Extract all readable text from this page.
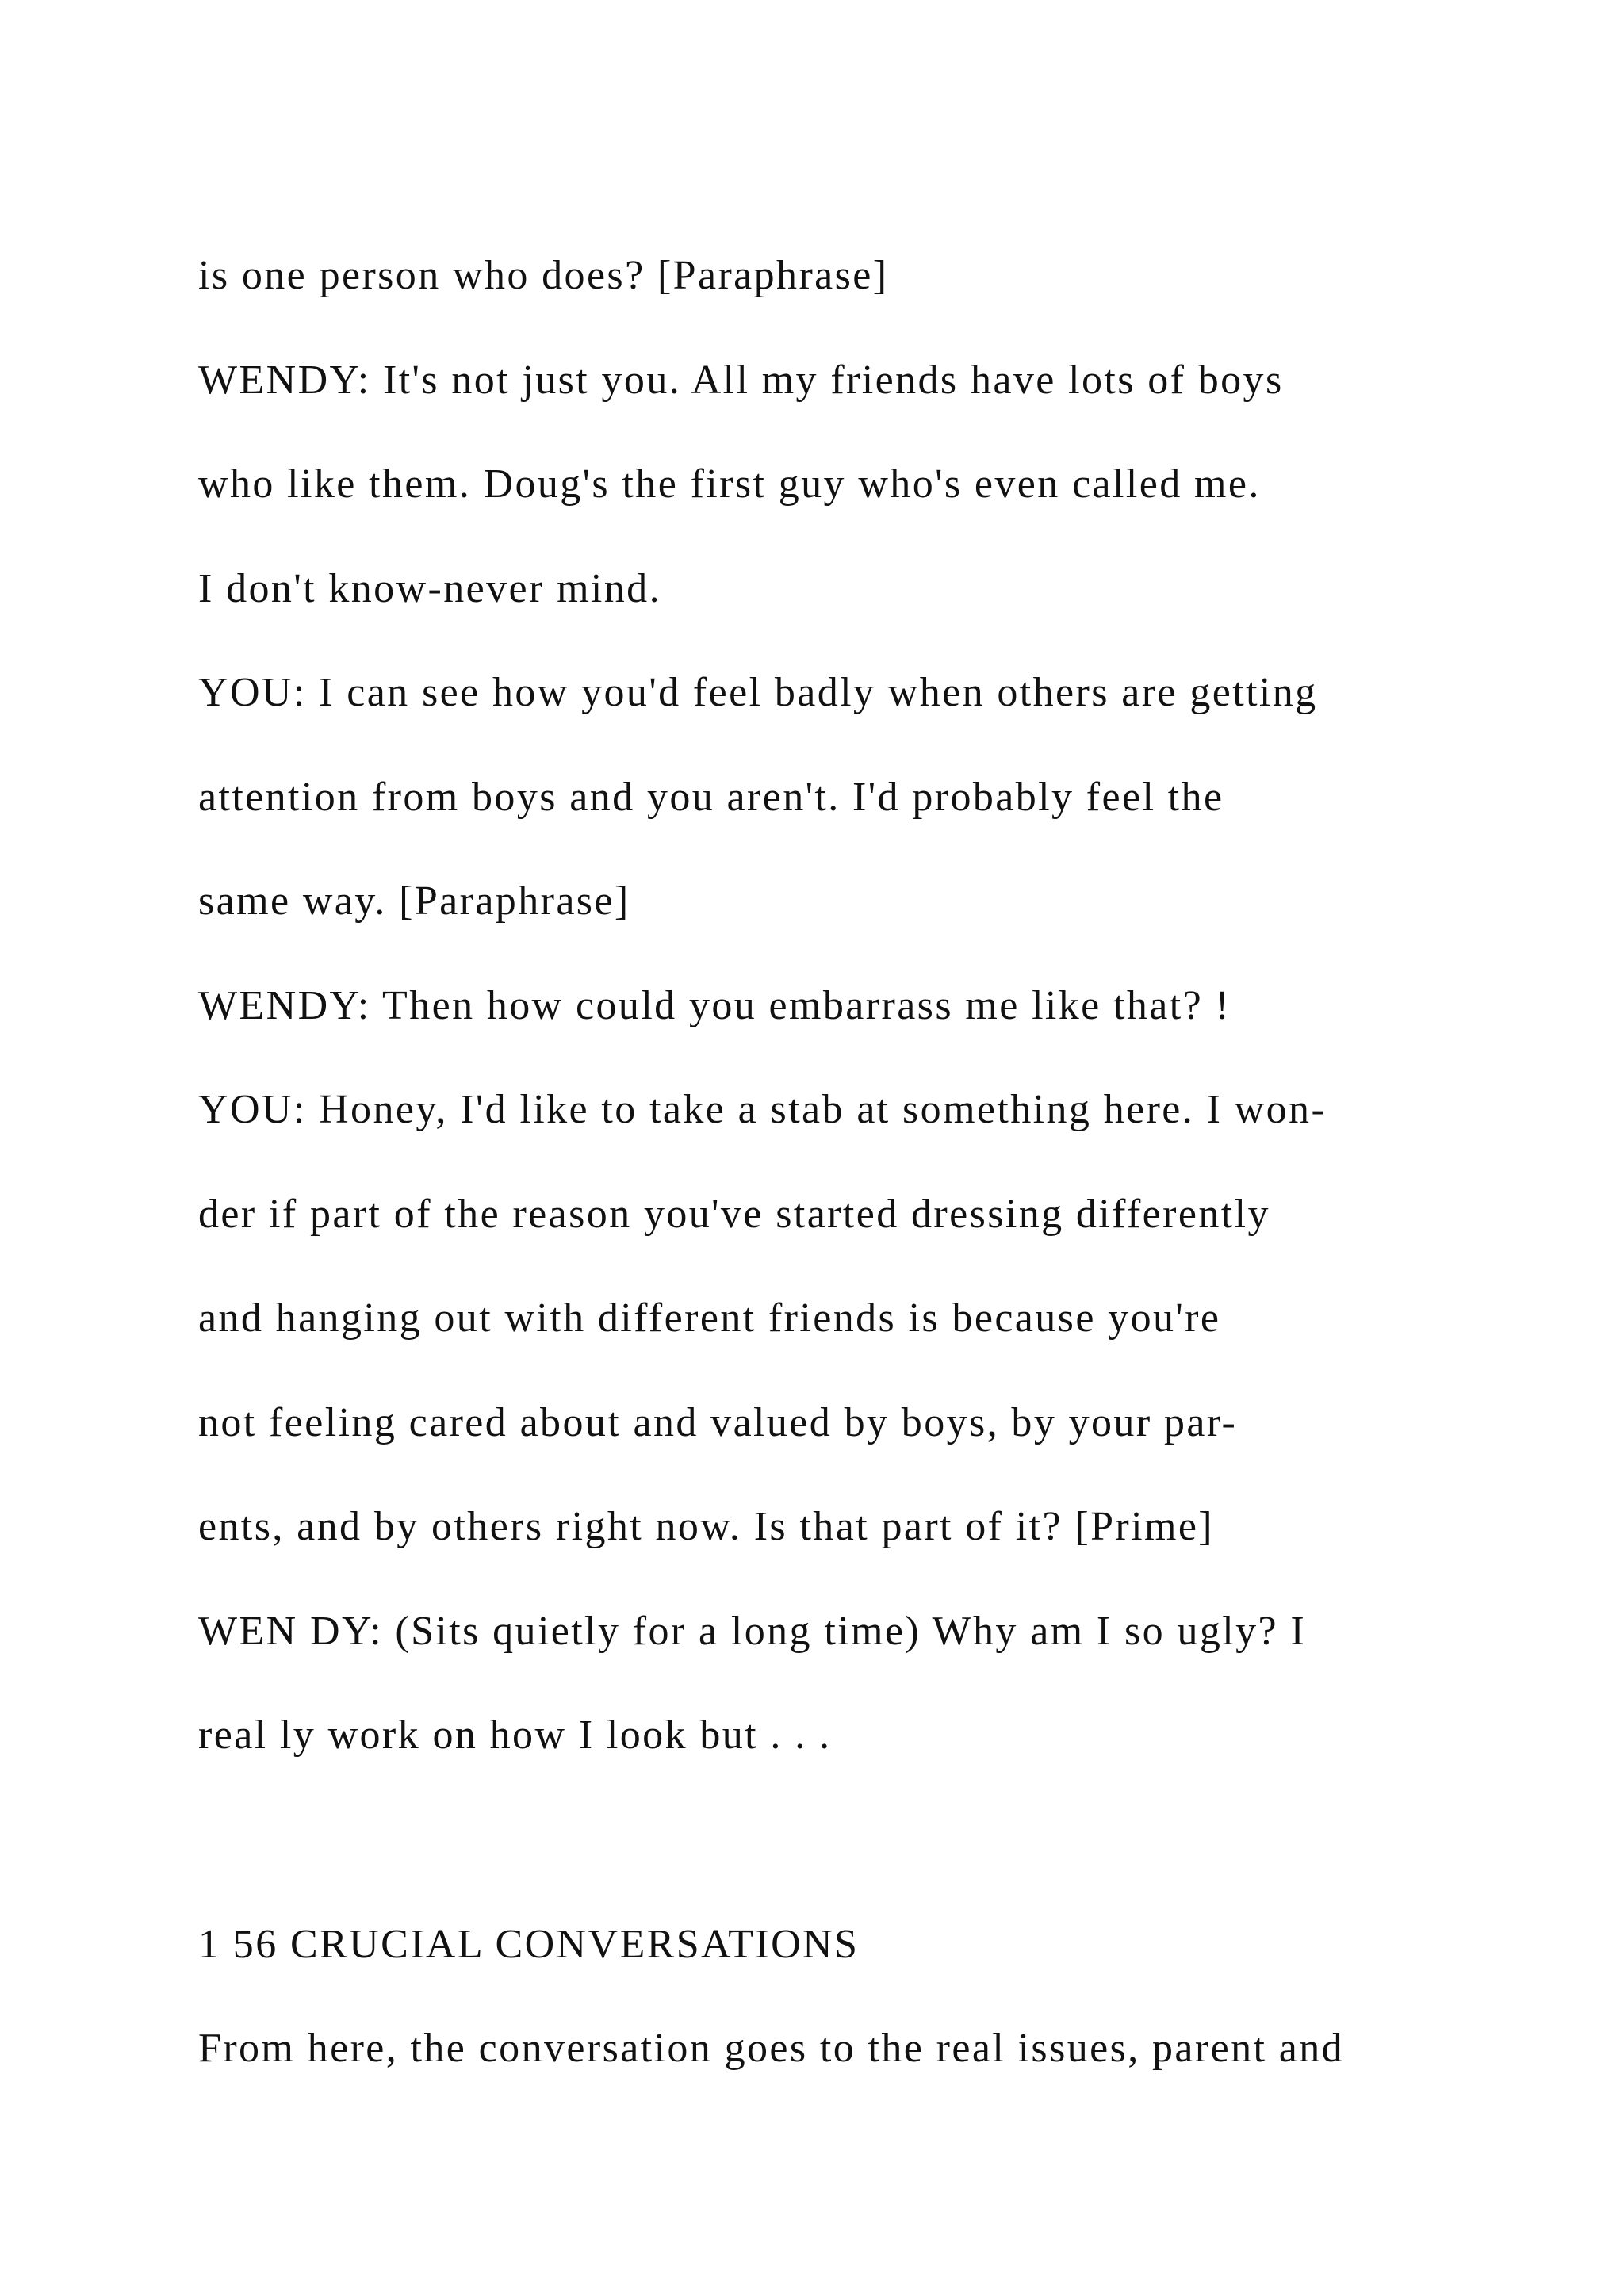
is one person who does? [Paraphrase]

WENDY: It's not just you. All my friends have lots of boys

who like them. Doug's the first guy who's even called me.

I don't know-never mind.

YOU: I can see how you'd feel badly when others are getting

attention from boys and you aren't. I'd probably feel the

same way. [Paraphrase]

WENDY: Then how could you embarrass me like that? !

YOU: Honey, I'd like to take a stab at something here. I won-

der if part of the reason you've started dressing differently

and hanging out with different friends is because you're

not feeling cared about and valued by boys, by your par-

ents, and by others right now. Is that part of it? [Prime]

WEN DY: (Sits quietly for a long time) Why am I so ugly? I

real ly work on how I look but . . .

1 56 CRUCIAL CONVERSATIONS

From here, the conversation goes to the real issues, parent and
